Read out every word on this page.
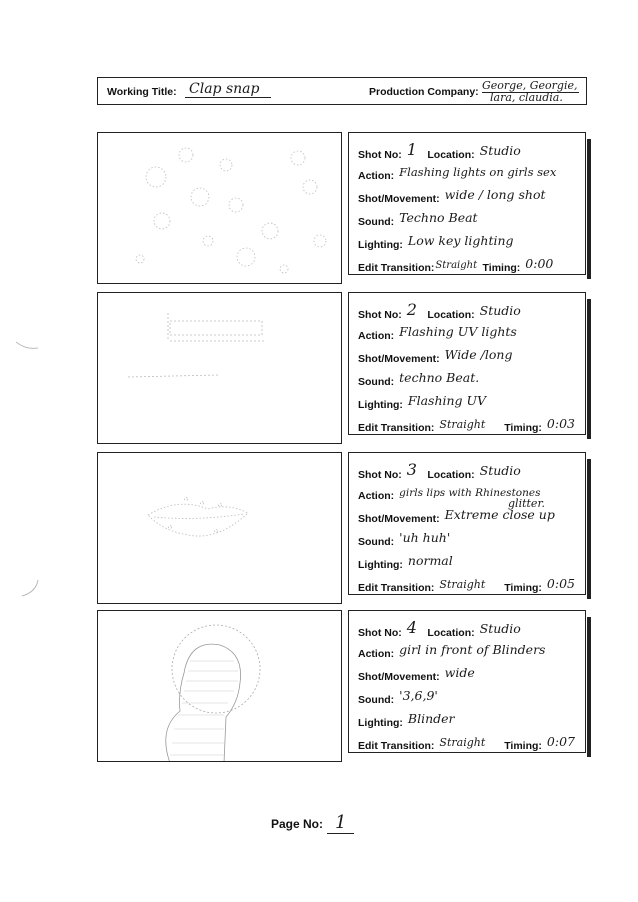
Working Title: Clap snap	Production Company: George, Georgie,
lara, claudia.
$_{Shot No:}$ 1 $_{Location:}$ Studio
$_{Action:}$ Flashing lights on girls sex
$_{Shot/Movement:}$ wide / long shot
$_{Sound:}$ Techno Beat
$_{Lighting:}$ Low key lighting
$_{Edit Transition:}$Straight $_{Timing:}$ 0:00
$_{Shot No:}$ 2 $_{Location:}$ Studio
$_{Action:}$ Flashing UV lights
$_{Shot/Movement:}$ Wide /long
$_{Sound:}$ techno Beat.
$_{Lighting:}$ Flashing UV
$_{Edit Transition:}$ Straight $_{Timing:}$ 0:03
$_{Shot No:}$ 3 $_{Location:}$ Studio
$_{Action:}$ girls lips with Rhinestones
glitter.
$_{Shot/Movement:}$ Extreme close up
$_{Sound:}$ 'uh huh'
$_{Lighting:}$ normal
$_{Edit Transition:}$ Straight $_{Timing:}$ 0:05
$_{Shot No:}$ 4 $_{Location:}$ Studio
$_{Action:}$ girl in front of Blinders
$_{Shot/Movement:}$ wide
$_{Sound:}$ '3,6,9'
$_{Lighting:}$ Blinder
$_{Edit Transition:}$ Straight $_{Timing:}$ 0:07
Page No: 1
